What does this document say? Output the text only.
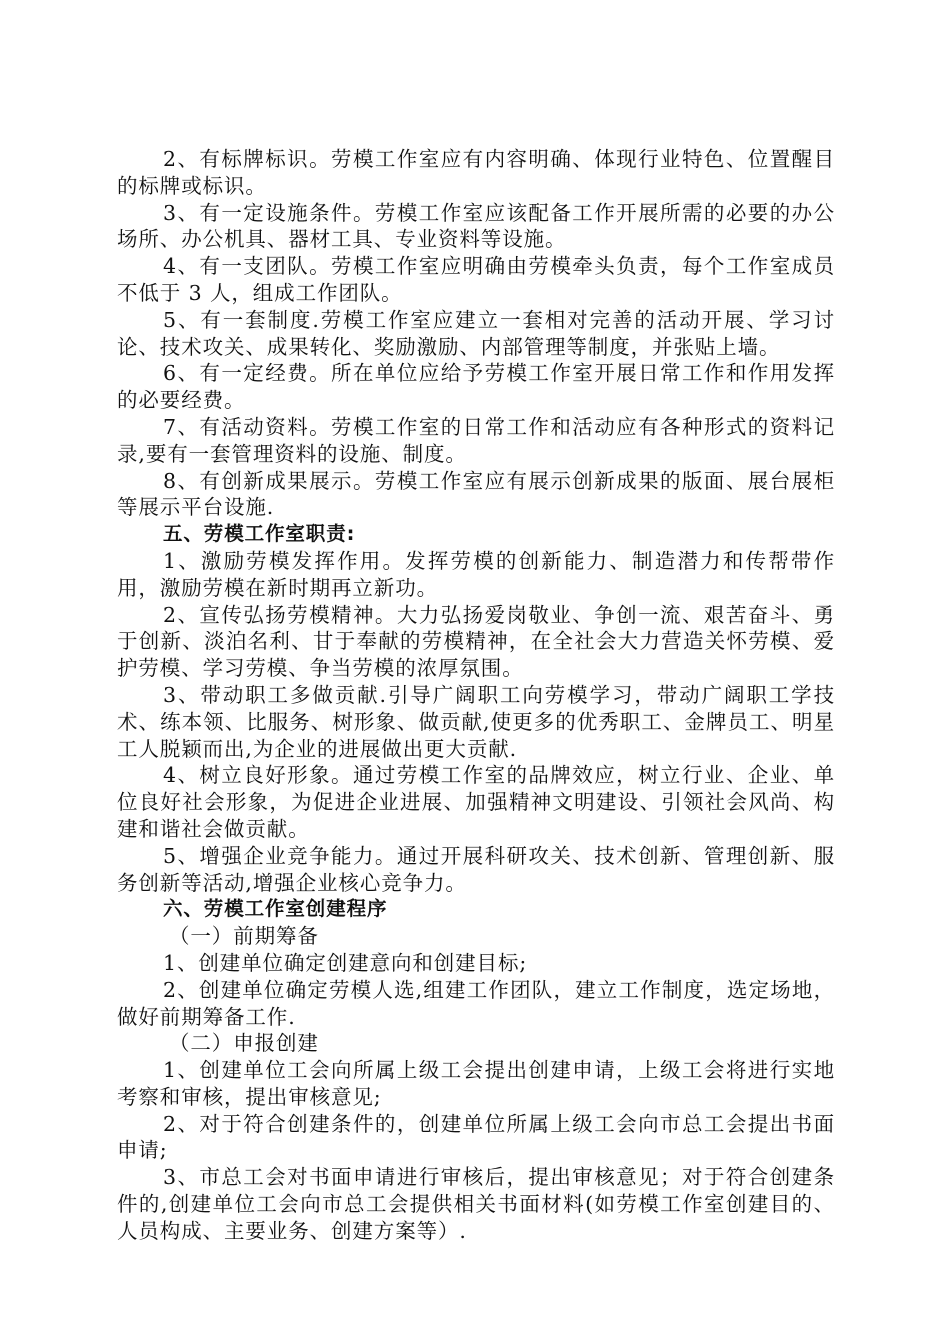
2、有标牌标识。劳模工作室应有内容明确、体现行业特色、位置醒目的标牌或标识。

3、有一定设施条件。劳模工作室应该配备工作开展所需的必要的办公场所、办公机具、器材工具、专业资料等设施。

4、有一支团队。劳模工作室应明确由劳模牵头负责，每个工作室成员不低于 3 人，组成工作团队。

5、有一套制度.劳模工作室应建立一套相对完善的活动开展、学习讨论、技术攻关、成果转化、奖励激励、内部管理等制度，并张贴上墙。

6、有一定经费。所在单位应给予劳模工作室开展日常工作和作用发挥的必要经费。

7、有活动资料。劳模工作室的日常工作和活动应有各种形式的资料记录,要有一套管理资料的设施、制度。

8、有创新成果展示。劳模工作室应有展示创新成果的版面、展台展柜等展示平台设施.

五、劳模工作室职责:

1、激励劳模发挥作用。发挥劳模的创新能力、制造潜力和传帮带作用，激励劳模在新时期再立新功。

2、宣传弘扬劳模精神。大力弘扬爱岗敬业、争创一流、艰苦奋斗、勇于创新、淡泊名利、甘于奉献的劳模精神，在全社会大力营造关怀劳模、爱护劳模、学习劳模、争当劳模的浓厚氛围。

3、带动职工多做贡献.引导广阔职工向劳模学习，带动广阔职工学技术、练本领、比服务、树形象、做贡献,使更多的优秀职工、金牌员工、明星工人脱颖而出,为企业的进展做出更大贡献.

4、树立良好形象。通过劳模工作室的品牌效应，树立行业、企业、单位良好社会形象，为促进企业进展、加强精神文明建设、引领社会风尚、构建和谐社会做贡献。

5、增强企业竞争能力。通过开展科研攻关、技术创新、管理创新、服务创新等活动,增强企业核心竞争力。

六、劳模工作室创建程序

（一）前期筹备

1、创建单位确定创建意向和创建目标;

2、创建单位确定劳模人选,组建工作团队，建立工作制度，选定场地，做好前期筹备工作.

（二）申报创建

1、创建单位工会向所属上级工会提出创建申请，上级工会将进行实地考察和审核，提出审核意见;

2、对于符合创建条件的，创建单位所属上级工会向市总工会提出书面申请;

3、市总工会对书面申请进行审核后，提出审核意见；对于符合创建条件的,创建单位工会向市总工会提供相关书面材料(如劳模工作室创建目的、人员构成、主要业务、创建方案等）.
